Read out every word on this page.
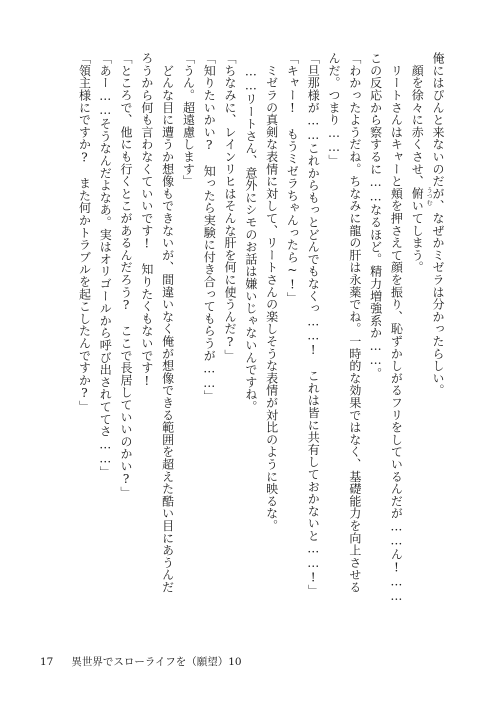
俺にはぴんと来ないのだが、なぜかミゼラは分かったらしい。
　顔を徐々に赤くさせ、俯 うつむ
いてしまう。
　リートさんはキャーと頬を押さえて顔を振り、恥ずかしがるフリをしているんだが……ん!……
この反応から察するに……なるほど。精力増強系か……。
「わかったようだね。ちなみに龍の肝は永薬でね。一時的な効果ではなく、基礎能力を向上させる
んだ。つまり……」
「旦那様が……これからもっとどんでもなくっ……!　これは皆に共有しておかないと……!」
「キャー!　もうミゼラちゃんったら~!」
　ミゼラの真剣な表情に対して、リートさんの楽しそうな表情が対比のように映るな。
　……リートさん、意外にシモのお話は嫌いじゃないんですね。
「ちなみに、レインリヒはそんな肝を何に使うんだ?」
「知りたいかい?　知ったら実験に付き合ってもらうが……」
「うん。超遠慮します」
　どんな目に遭うか想像もできないが、間違いなく俺が想像できる範囲を超えた酷い目にあうんだ
ろうから何も言わなくていいです!　知りたくもないです!
「ところで、他にも行くとこがあるんだろう?　ここで長居していいのかい?」
「あー……そうなんだよなあ。実はオリゴールから呼び出されててさ……」
「領主様にですか?　また何かトラブルを起こしたんですか?」
17 異世界でスローライフを（願望）10
